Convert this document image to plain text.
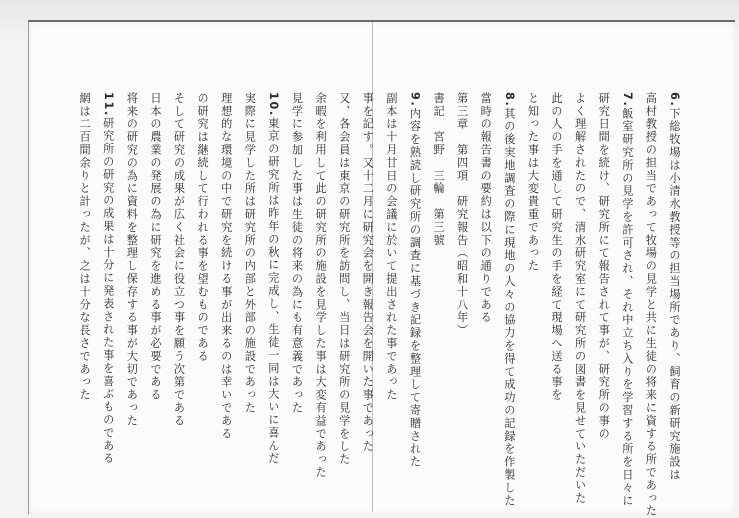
6.下総牧場は小清水教授等の担当場所であり、飼育の新研究施設は

高村教授の担当であって牧場の見学と共に生徒の将来に資する所であった

7.飯室研究所の見学を許可され、それ中立ち入りを学習する所を日々に

研究日間を続け、研究所にて報告されて事が、研究所の事の

よく理解されたので、清水研究室にて研究所の図書を見せていただいた

此の人の手を通して研究生の手を経て現場へ送る事を

と知った事は大変貴重であった

8.其の後実地調査の際に現地の人々の協力を得て成功の記録を作製した

當時の報告書の要約は以下の通りである

第三章　第四項　研究報告（昭和十八年）

書記　宮野　三輪　第三號

9.内容を熟読し研究所の調査に基づき記録を整理して寄贈された

副本は十月廿日の会議に於いて提出された事であった

事を記す。又十二月に研究会を開き報告会を開いた事であった

又、各会員は東京の研究所を訪問し、当日は研究所の見学をした

余暇を利用して此の研究所の施設を見学した事は大変有益であった

見学に参加した事は生徒の将来の為にも有意義であった

10.東京の研究所は昨年の秋に完成し、生徒一同は大いに喜んだ

実際に見学した所は研究所の内部と外部の施設であった

理想的な環境の中で研究を続ける事が出来るのは幸いである

の研究は継続して行われる事を望むものである

そして研究の成果が広く社会に役立つ事を願う次第である

日本の農業の発展の為に研究を進める事が必要である

将来の研究の為に資料を整理し保存する事が大切であった

11.研究所の研究の成果は十分に発表された事を喜ぶものである

網は二百間余りと計ったが、之は十分な長さであった
